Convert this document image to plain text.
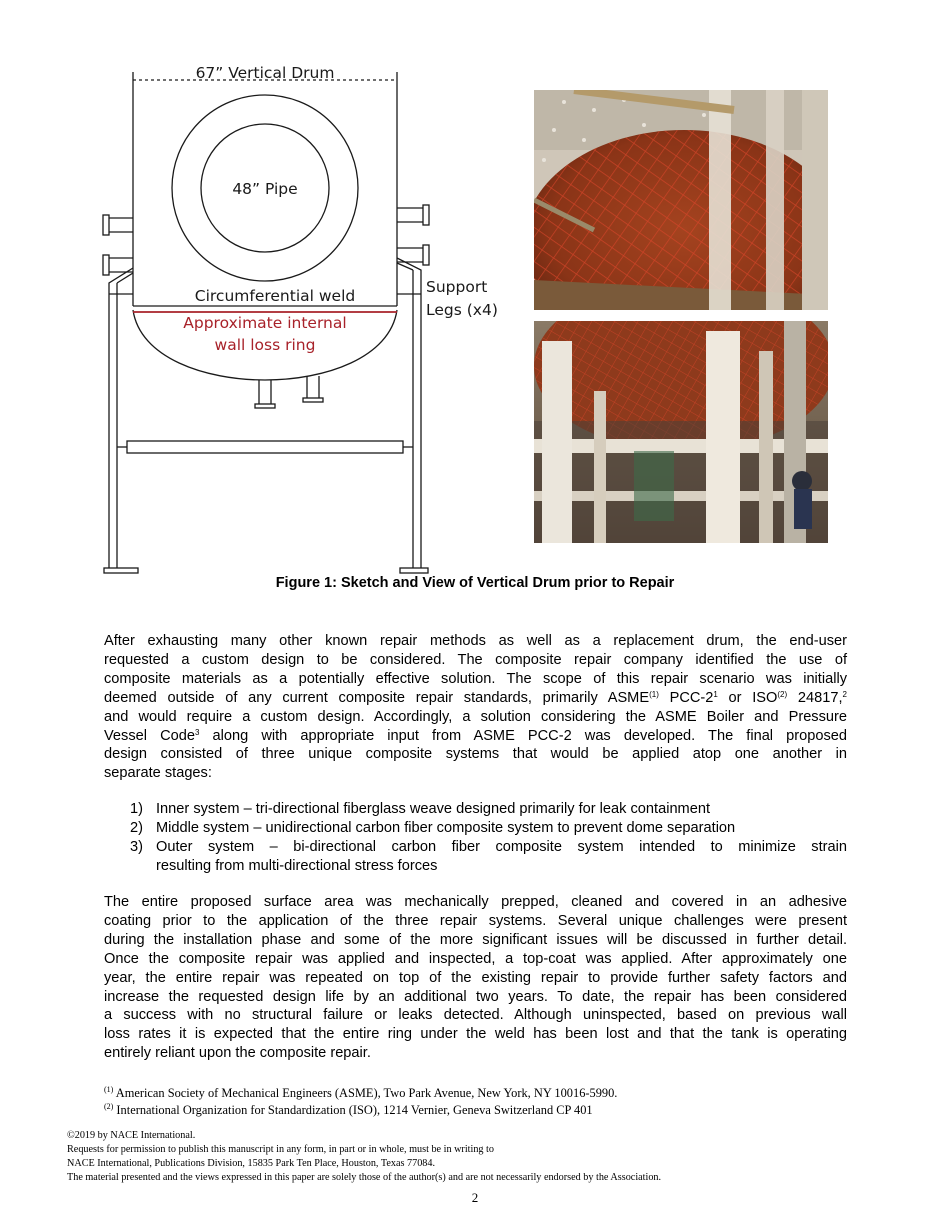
67” Vertical Drum
48” Pipe
Circumferential weld
Approximate internal
wall loss ring
Support
Legs (x4)
Figure 1: Sketch and View of Vertical Drum prior to Repair
After exhausting many other known repair methods as well as a replacement drum, the end-user
requested a custom design to be considered. The composite repair company identified the use of
composite materials as a potentially effective solution. The scope of this repair scenario was initially
deemed outside of any current composite repair standards, primarily ASME$^{(1)}$ PCC-$2^1$ or ISO$^{(2)}$ 24817,$^2$
and would require a custom design. Accordingly, a solution considering the ASME Boiler and Pressure
Vessel Code$^3$ along with appropriate input from ASME PCC-2 was developed. The final proposed
design consisted of three unique composite systems that would be applied atop one another in
separate stages:
1) Inner system – tri-directional fiberglass weave designed primarily for leak containment
2) Middle system – unidirectional carbon fiber composite system to prevent dome separation
3) Outer system – bi-directional carbon fiber composite system intended to minimize strain
resulting from multi-directional stress forces
The entire proposed surface area was mechanically prepped, cleaned and covered in an adhesive
coating prior to the application of the three repair systems. Several unique challenges were present
during the installation phase and some of the more significant issues will be discussed in further detail.
Once the composite repair was applied and inspected, a top-coat was applied. After approximately one
year, the entire repair was repeated on top of the existing repair to provide further safety factors and
increase the requested design life by an additional two years. To date, the repair has been considered
a success with no structural failure or leaks detected. Although uninspected, based on previous wall
loss rates it is expected that the entire ring under the weld has been lost and that the tank is operating
entirely reliant upon the composite repair.
$^{(1)}$ American Society of Mechanical Engineers (ASME), Two Park Avenue, New York, NY 10016-5990.
$^{(2)}$ International Organization for Standardization (ISO), 1214 Vernier, Geneva Switzerland CP 401
©2019 by NACE International.
Requests for permission to publish this manuscript in any form, in part or in whole, must be in writing to
NACE International, Publications Division, 15835 Park Ten Place, Houston, Texas 77084.
The material presented and the views expressed in this paper are solely those of the author(s) and are not necessarily endorsed by the Association.
2
